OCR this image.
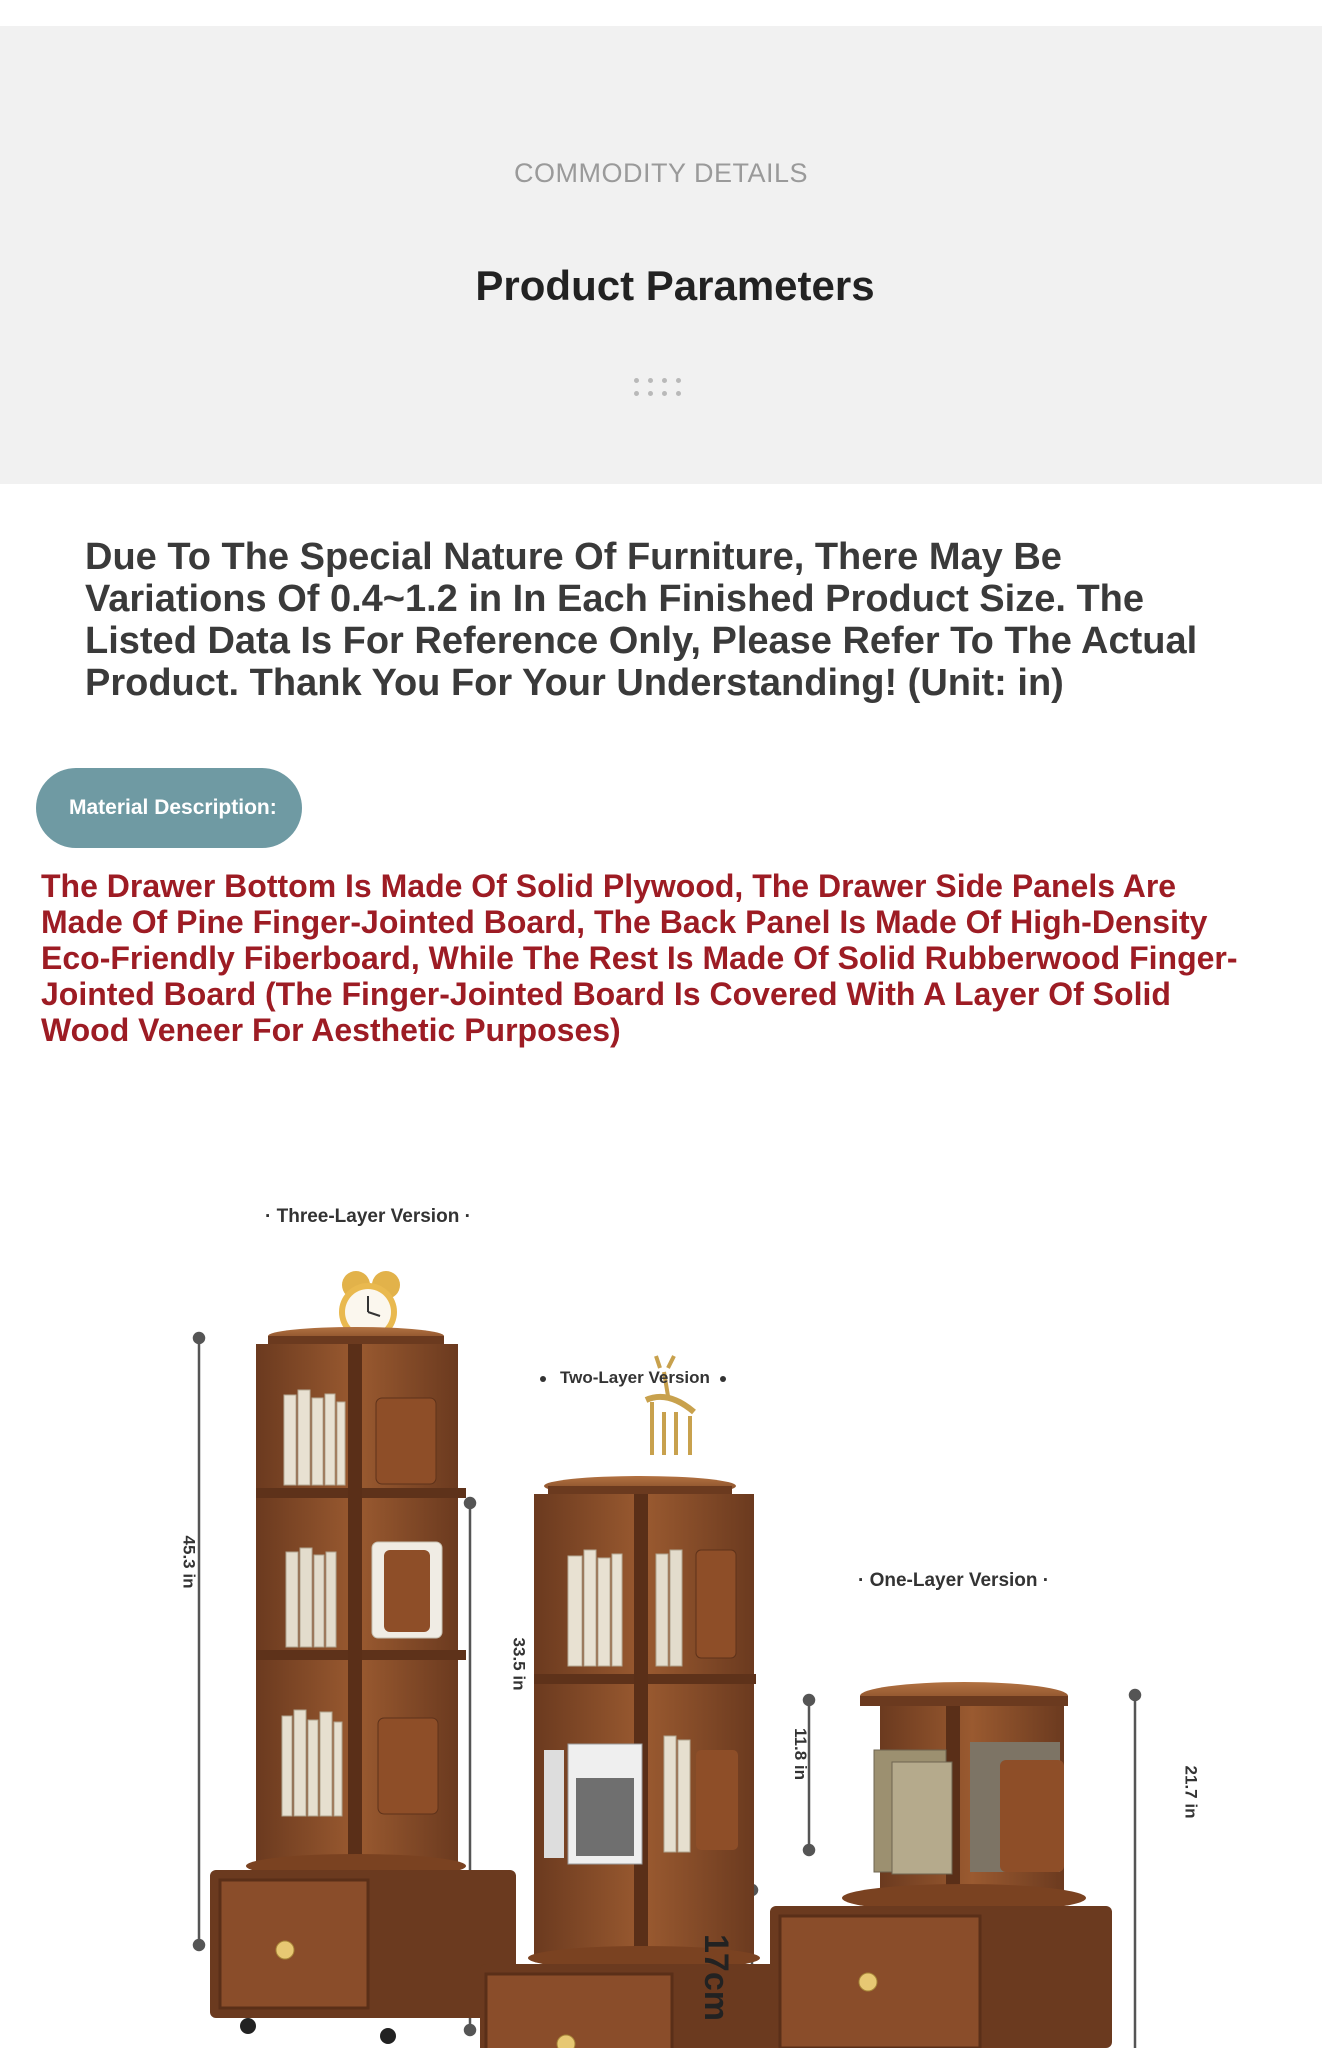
COMMODITY DETAILS
Product Parameters
Due To The Special Nature Of Furniture, There May Be Variations Of 0.4~1.2 in In Each Finished Product Size. The Listed Data Is For Reference Only, Please Refer To The Actual Product. Thank You For Your Understanding! (Unit: in)
Material Description:
The Drawer Bottom Is Made Of Solid Plywood, The Drawer Side Panels Are Made Of Pine Finger-Jointed Board, The Back Panel Is Made Of High-Density Eco-Friendly Fiberboard, While The Rest Is Made Of Solid Rubberwood Finger-Jointed Board (The Finger-Jointed Board Is Covered With A Layer Of Solid Wood Veneer For Aesthetic Purposes)
· Three-Layer Version ·
Two-Layer Version
· One-Layer Version ·
45.3 in
33.5 in
11.8 in
21.7 in
17cm
